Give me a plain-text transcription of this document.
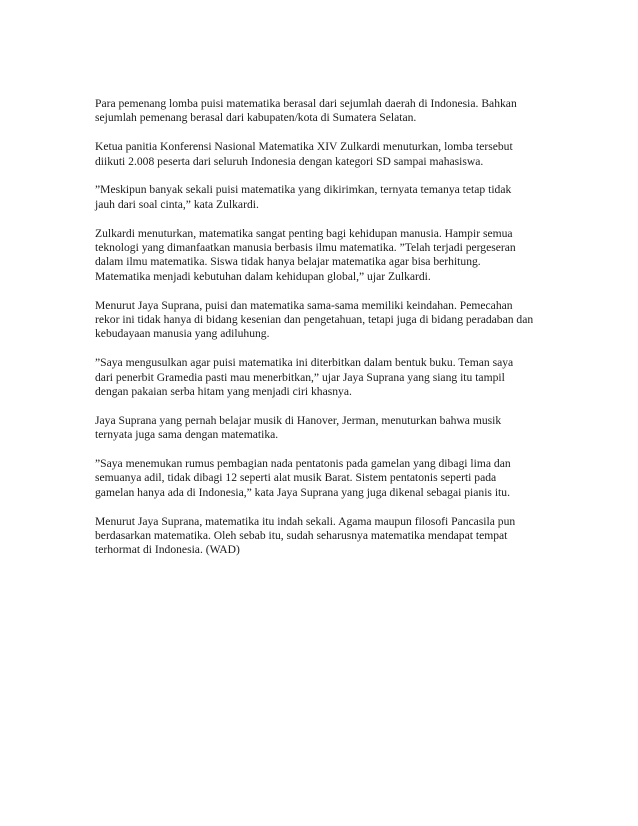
Para pemenang lomba puisi matematika berasal dari sejumlah daerah di Indonesia. Bahkan
sejumlah pemenang berasal dari kabupaten/kota di Sumatera Selatan.
Ketua panitia Konferensi Nasional Matematika XIV Zulkardi menuturkan, lomba tersebut
diikuti 2.008 peserta dari seluruh Indonesia dengan kategori SD sampai mahasiswa.
”Meskipun banyak sekali puisi matematika yang dikirimkan, ternyata temanya tetap tidak
jauh dari soal cinta,” kata Zulkardi.
Zulkardi menuturkan, matematika sangat penting bagi kehidupan manusia. Hampir semua
teknologi yang dimanfaatkan manusia berbasis ilmu matematika. ”Telah terjadi pergeseran
dalam ilmu matematika. Siswa tidak hanya belajar matematika agar bisa berhitung.
Matematika menjadi kebutuhan dalam kehidupan global,” ujar Zulkardi.
Menurut Jaya Suprana, puisi dan matematika sama-sama memiliki keindahan. Pemecahan
rekor ini tidak hanya di bidang kesenian dan pengetahuan, tetapi juga di bidang peradaban dan
kebudayaan manusia yang adiluhung.
”Saya mengusulkan agar puisi matematika ini diterbitkan dalam bentuk buku. Teman saya
dari penerbit Gramedia pasti mau menerbitkan,” ujar Jaya Suprana yang siang itu tampil
dengan pakaian serba hitam yang menjadi ciri khasnya.
Jaya Suprana yang pernah belajar musik di Hanover, Jerman, menuturkan bahwa musik
ternyata juga sama dengan matematika.
”Saya menemukan rumus pembagian nada pentatonis pada gamelan yang dibagi lima dan
semuanya adil, tidak dibagi 12 seperti alat musik Barat. Sistem pentatonis seperti pada
gamelan hanya ada di Indonesia,” kata Jaya Suprana yang juga dikenal sebagai pianis itu.
Menurut Jaya Suprana, matematika itu indah sekali. Agama maupun filosofi Pancasila pun
berdasarkan matematika. Oleh sebab itu, sudah seharusnya matematika mendapat tempat
terhormat di Indonesia. (WAD)
